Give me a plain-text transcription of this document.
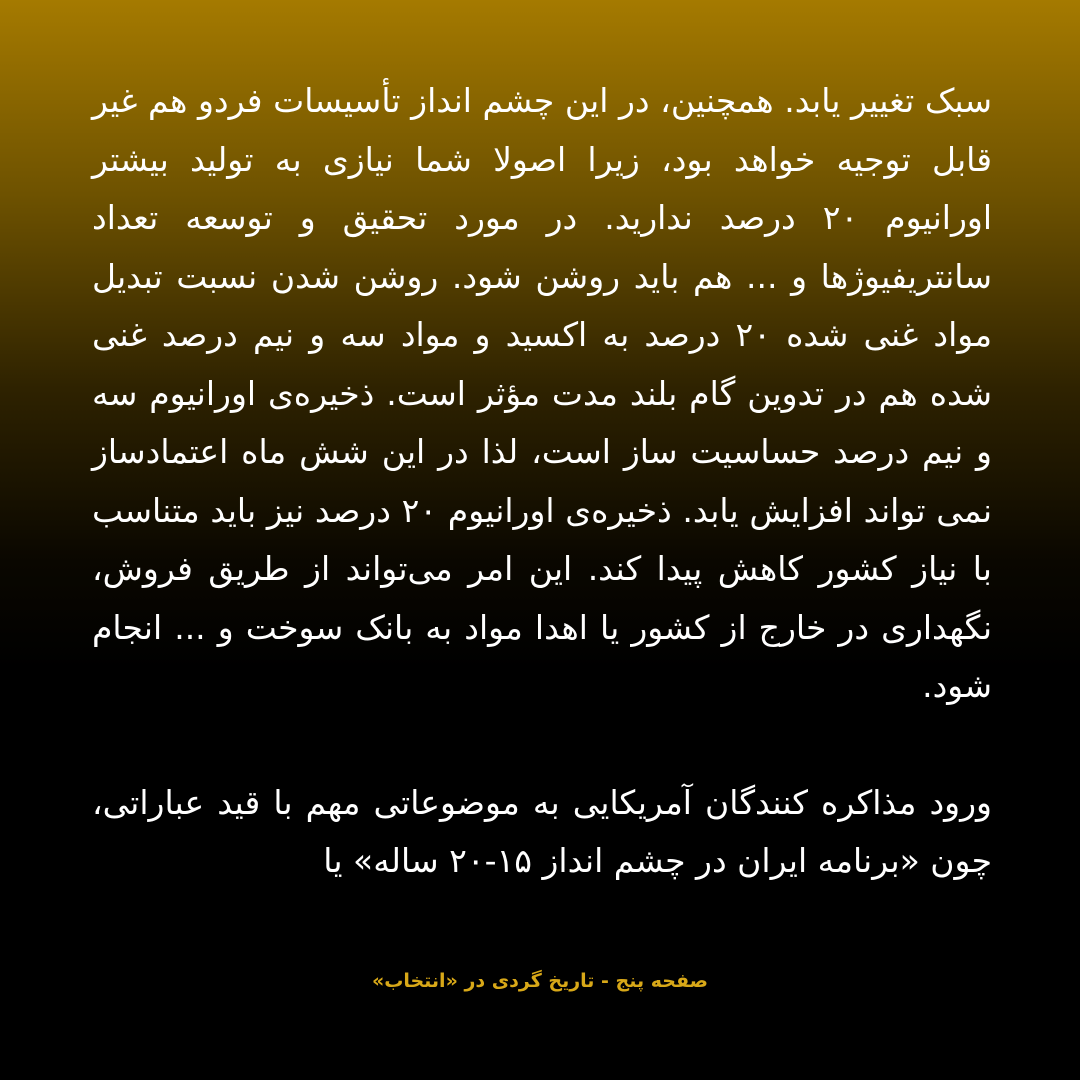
سبک تغییر یابد. همچنین، در این چشم انداز تأسیسات فردو هم غیر قابل توجیه خواهد بود، زیرا اصولا شما نیازی به تولید بیشتر اورانیوم ۲۰ درصد ندارید. در مورد تحقیق و توسعه تعداد سانتریفیوژها و ... هم باید روشن شود. روشن شدن نسبت تبدیل مواد غنی شده ۲۰ درصد به اکسید و مواد سه و نیم درصد غنی شده هم در تدوین گام بلند مدت مؤثر است. ذخیره‌ی اورانیوم سه و نیم درصد حساسیت ساز است، لذا در این شش ماه اعتمادساز نمی تواند افزایش یابد. ذخیره‌ی اورانیوم ۲۰ درصد نیز باید متناسب با نیاز کشور کاهش پیدا کند. این امر می‌تواند از طریق فروش، نگهداری در خارج از کشور یا اهدا مواد به بانک سوخت و ... انجام شود.

ورود مذاکره کنندگان آمریکایی به موضوعاتی مهم با قید عباراتی، چون «برنامه ایران در چشم انداز ۱۵-۲۰ ساله» یا

صفحه پنج - تاریخ گردی در «انتخاب»
